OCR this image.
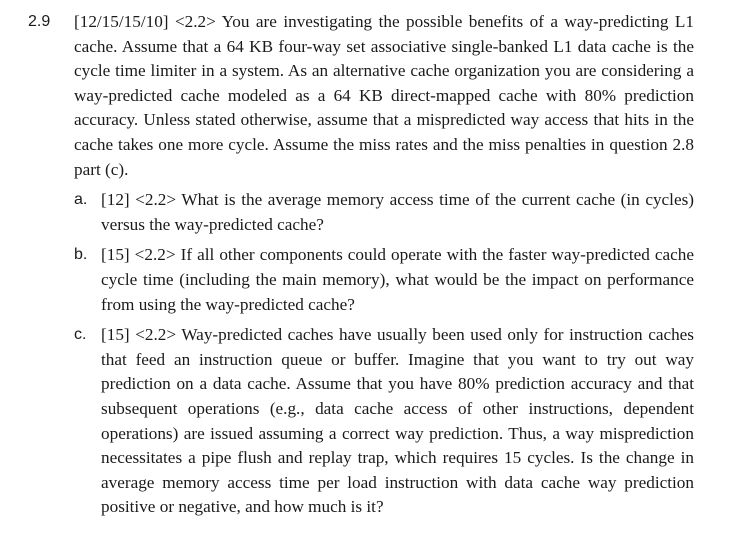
2.9 [12/15/15/10] <2.2> You are investigating the possible benefits of a way-predicting L1 cache. Assume that a 64 KB four-way set associative single-banked L1 data cache is the cycle time limiter in a system. As an alternative cache organization you are considering a way-predicted cache modeled as a 64 KB direct-mapped cache with 80% prediction accuracy. Unless stated otherwise, assume that a mispredicted way access that hits in the cache takes one more cycle. Assume the miss rates and the miss penalties in question 2.8 part (c).
a. [12] <2.2> What is the average memory access time of the current cache (in cycles) versus the way-predicted cache?
b. [15] <2.2> If all other components could operate with the faster way-predicted cache cycle time (including the main memory), what would be the impact on performance from using the way-predicted cache?
c. [15] <2.2> Way-predicted caches have usually been used only for instruction caches that feed an instruction queue or buffer. Imagine that you want to try out way prediction on a data cache. Assume that you have 80% prediction accuracy and that subsequent operations (e.g., data cache access of other instructions, dependent operations) are issued assuming a correct way prediction. Thus, a way misprediction necessitates a pipe flush and replay trap, which requires 15 cycles. Is the change in average memory access time per load instruction with data cache way prediction positive or negative, and how much is it?
